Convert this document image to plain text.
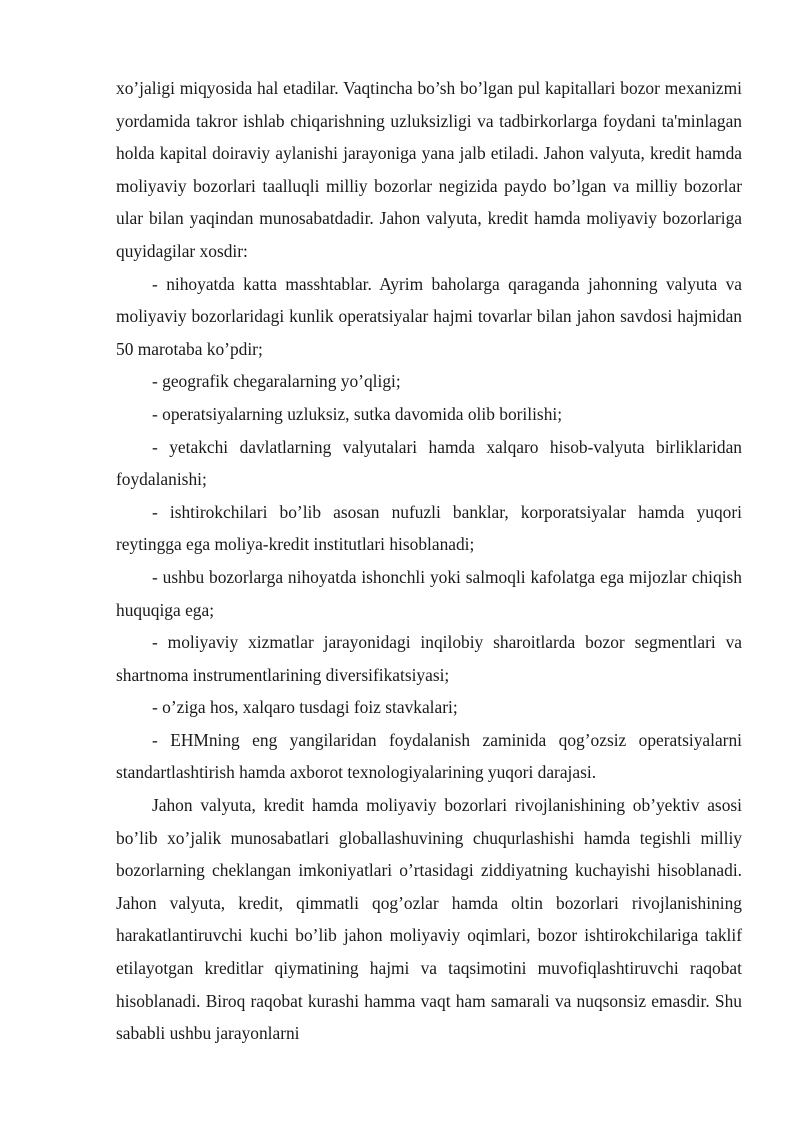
xo’jaligi miqyosida hal etadilar. Vaqtincha bo’sh bo’lgan pul kapitallari bozor mexanizmi yordamida takror ishlab chiqarishning uzluksizligi va tadbirkorlarga foydani ta'minlagan holda kapital doiraviy aylanishi jarayoniga yana jalb etiladi. Jahon valyuta, kredit hamda moliyaviy bozorlari taalluqli milliy bozorlar negizida paydo bo’lgan va milliy bozorlar ular bilan yaqindan munosabatdadir. Jahon valyuta, kredit hamda moliyaviy bozorlariga quyidagilar xosdir:

- nihoyatda katta masshtablar. Ayrim baholarga qaraganda jahonning valyuta va moliyaviy bozorlaridagi kunlik operatsiyalar hajmi tovarlar bilan jahon savdosi hajmidan 50 marotaba ko’pdir;

- geografik chegaralarning yo’qligi;

- operatsiyalarning uzluksiz, sutka davomida olib borilishi;

- yetakchi davlatlarning valyutalari hamda xalqaro hisob-valyuta birliklaridan foydalanishi;

- ishtirokchilari bo’lib asosan nufuzli banklar, korporatsiyalar hamda yuqori reytingga ega moliya-kredit institutlari hisoblanadi;

- ushbu bozorlarga nihoyatda ishonchli yoki salmoqli kafolatga ega mijozlar chiqish huquqiga ega;

- moliyaviy xizmatlar jarayonidagi inqilobiy sharoitlarda bozor segmentlari va shartnoma instrumentlarining diversifikatsiyasi;

- o’ziga hos, xalqaro tusdagi foiz stavkalari;

- EHMning eng yangilaridan foydalanish zaminida qog’ozsiz operatsiyalarni standartlashtirish hamda axborot texnologiyalarining yuqori darajasi.

Jahon valyuta, kredit hamda moliyaviy bozorlari rivojlanishining ob’yektiv asosi bo’lib xo’jalik munosabatlari globallashuvining chuqurlashishi hamda tegishli milliy bozorlarning cheklangan imkoniyatlari o’rtasidagi ziddiyatning kuchayishi hisoblanadi. Jahon valyuta, kredit, qimmatli qog’ozlar hamda oltin bozorlari rivojlanishining harakatlantiruvchi kuchi bo’lib jahon moliyaviy oqimlari, bozor ishtirokchilariga taklif etilayotgan kreditlar qiymatining hajmi va taqsimotini muvofiqlashtiruvchi raqobat hisoblanadi. Biroq raqobat kurashi hamma vaqt ham samarali va nuqsonsiz emasdir. Shu sababli ushbu jarayonlarni
